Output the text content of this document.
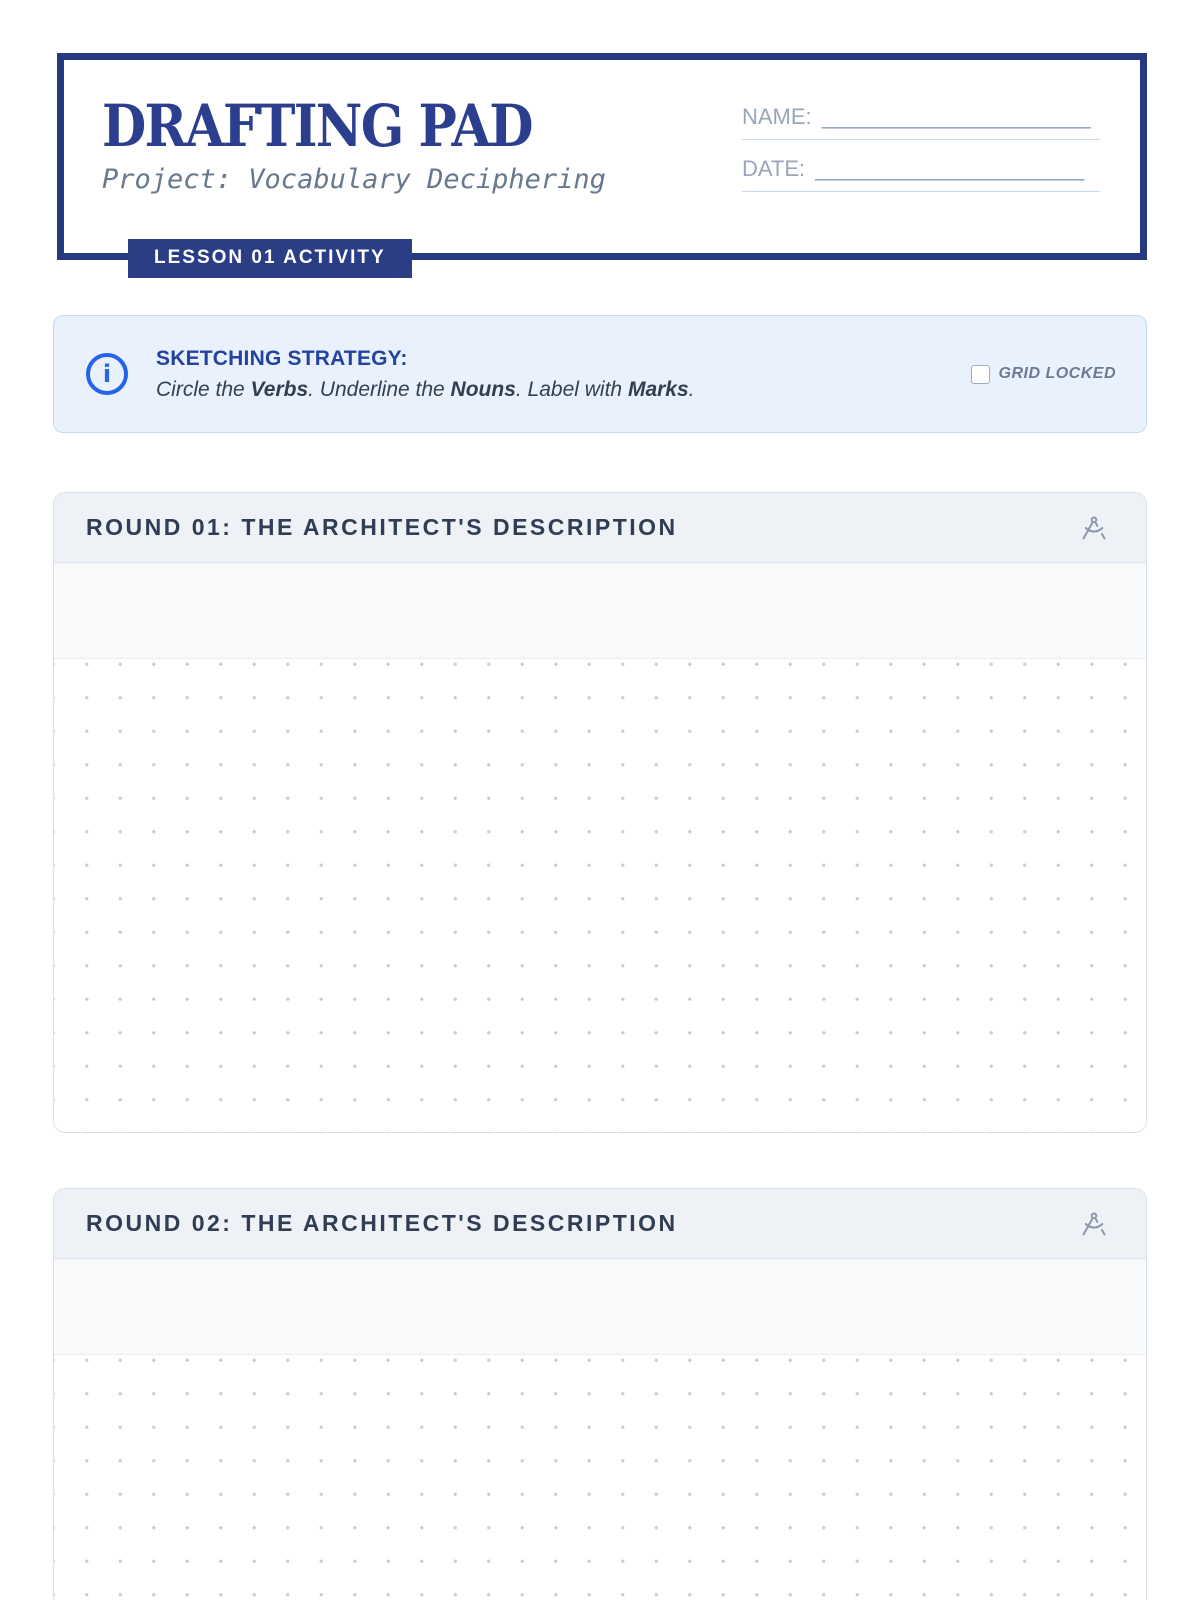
DRAFTING PAD
Project: Vocabulary Deciphering
NAME: ______________________
DATE: ______________________
LESSON 01 ACTIVITY
i
SKETCHING STRATEGY:
Circle the Verbs. Underline the Nouns. Label with Marks.
GRID LOCKED
ROUND 01: THE ARCHITECT'S DESCRIPTION
ROUND 02: THE ARCHITECT'S DESCRIPTION
